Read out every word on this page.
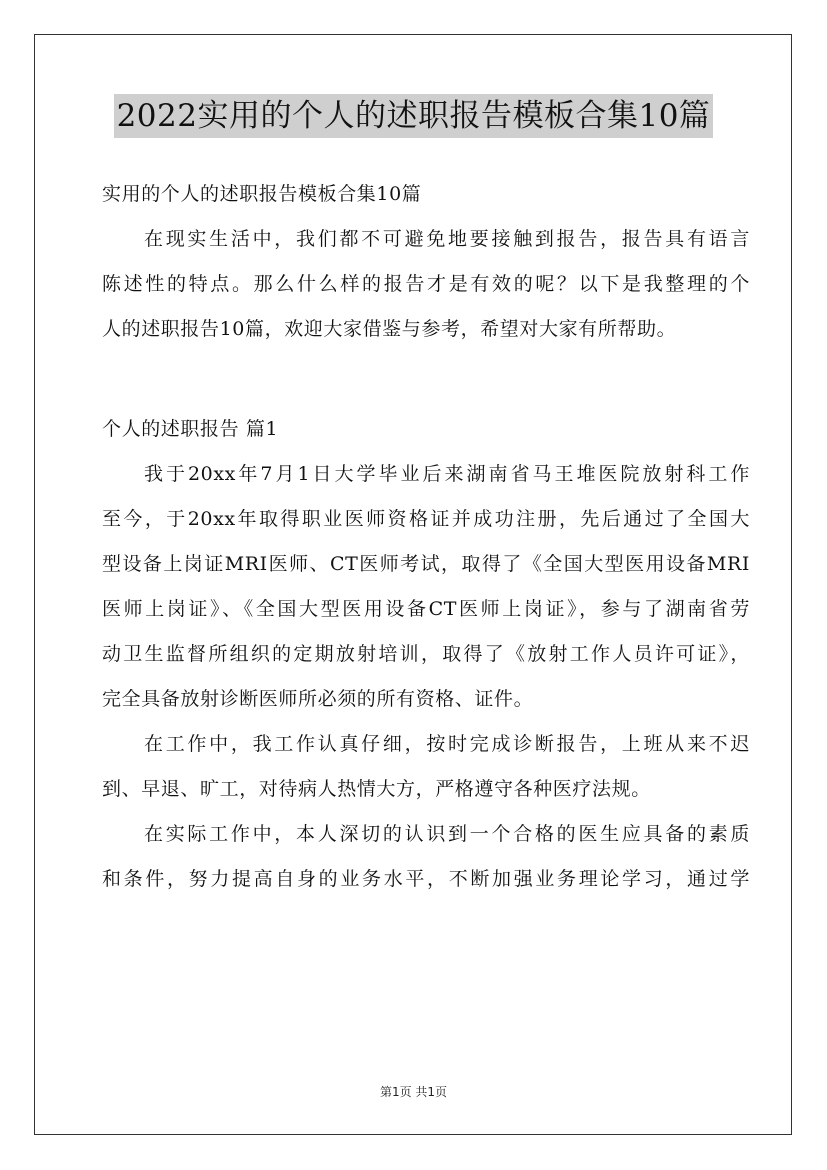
2022实用的个人的述职报告模板合集10篇
实用的个人的述职报告模板合集10篇
在现实生活中，我们都不可避免地要接触到报告，报告具有语言
陈述性的特点。那么什么样的报告才是有效的呢？以下是我整理的个
人的述职报告10篇，欢迎大家借鉴与参考，希望对大家有所帮助。
个人的述职报告 篇1
我于20xx年7月1日大学毕业后来湖南省马王堆医院放射科工作
至今，于20xx年取得职业医师资格证并成功注册，先后通过了全国大
型设备上岗证MRI医师、CT医师考试，取得了《全国大型医用设备MRI
医师上岗证》、《全国大型医用设备CT医师上岗证》，参与了湖南省劳
动卫生监督所组织的定期放射培训，取得了《放射工作人员许可证》，
完全具备放射诊断医师所必须的所有资格、证件。
在工作中，我工作认真仔细，按时完成诊断报告，上班从来不迟
到、早退、旷工，对待病人热情大方，严格遵守各种医疗法规。
在实际工作中，本人深切的认识到一个合格的医生应具备的素质
和条件，努力提高自身的业务水平，不断加强业务理论学习，通过学
第1页 共1页
